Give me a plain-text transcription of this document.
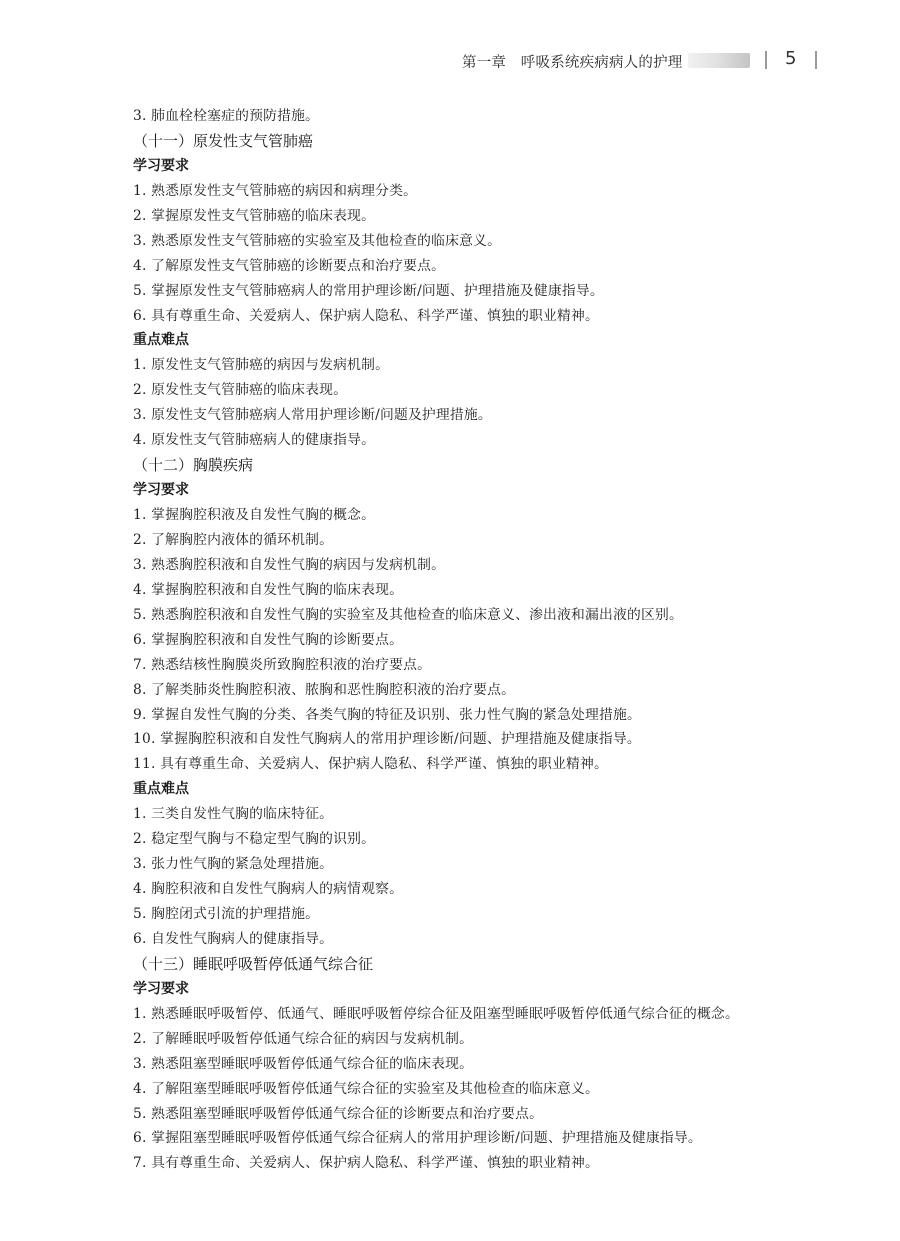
第一章　呼吸系统疾病病人的护理	5
3. 肺血栓栓塞症的预防措施。
（十一）原发性支气管肺癌
学习要求
1. 熟悉原发性支气管肺癌的病因和病理分类。
2. 掌握原发性支气管肺癌的临床表现。
3. 熟悉原发性支气管肺癌的实验室及其他检查的临床意义。
4. 了解原发性支气管肺癌的诊断要点和治疗要点。
5. 掌握原发性支气管肺癌病人的常用护理诊断/问题、护理措施及健康指导。
6. 具有尊重生命、关爱病人、保护病人隐私、科学严谨、慎独的职业精神。
重点难点
1. 原发性支气管肺癌的病因与发病机制。
2. 原发性支气管肺癌的临床表现。
3. 原发性支气管肺癌病人常用护理诊断/问题及护理措施。
4. 原发性支气管肺癌病人的健康指导。
（十二）胸膜疾病
学习要求
1. 掌握胸腔积液及自发性气胸的概念。
2. 了解胸腔内液体的循环机制。
3. 熟悉胸腔积液和自发性气胸的病因与发病机制。
4. 掌握胸腔积液和自发性气胸的临床表现。
5. 熟悉胸腔积液和自发性气胸的实验室及其他检查的临床意义、渗出液和漏出液的区别。
6. 掌握胸腔积液和自发性气胸的诊断要点。
7. 熟悉结核性胸膜炎所致胸腔积液的治疗要点。
8. 了解类肺炎性胸腔积液、脓胸和恶性胸腔积液的治疗要点。
9. 掌握自发性气胸的分类、各类气胸的特征及识别、张力性气胸的紧急处理措施。
10. 掌握胸腔积液和自发性气胸病人的常用护理诊断/问题、护理措施及健康指导。
11. 具有尊重生命、关爱病人、保护病人隐私、科学严谨、慎独的职业精神。
重点难点
1. 三类自发性气胸的临床特征。
2. 稳定型气胸与不稳定型气胸的识别。
3. 张力性气胸的紧急处理措施。
4. 胸腔积液和自发性气胸病人的病情观察。
5. 胸腔闭式引流的护理措施。
6. 自发性气胸病人的健康指导。
（十三）睡眠呼吸暂停低通气综合征
学习要求
1. 熟悉睡眠呼吸暂停、低通气、睡眠呼吸暂停综合征及阻塞型睡眠呼吸暂停低通气综合征的概念。
2. 了解睡眠呼吸暂停低通气综合征的病因与发病机制。
3. 熟悉阻塞型睡眠呼吸暂停低通气综合征的临床表现。
4. 了解阻塞型睡眠呼吸暂停低通气综合征的实验室及其他检查的临床意义。
5. 熟悉阻塞型睡眠呼吸暂停低通气综合征的诊断要点和治疗要点。
6. 掌握阻塞型睡眠呼吸暂停低通气综合征病人的常用护理诊断/问题、护理措施及健康指导。
7. 具有尊重生命、关爱病人、保护病人隐私、科学严谨、慎独的职业精神。
